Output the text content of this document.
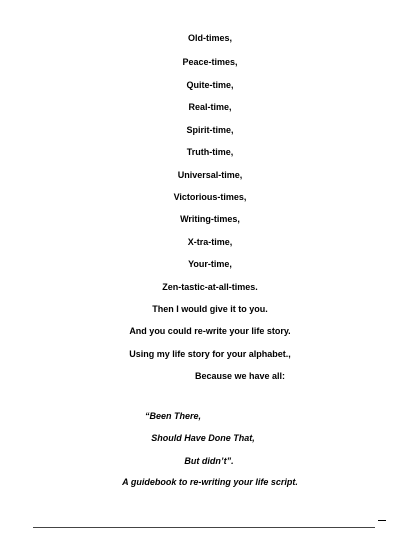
Old-times,
Peace-times,
Quite-time,
Real-time,
Spirit-time,
Truth-time,
Universal-time,
Victorious-times,
Writing-times,
X-tra-time,
Your-time,
Zen-tastic-at-all-times.
Then I would give it to you.
And you could re-write your life story.
Using my life story for your alphabet.,
Because we have all:
“Been There,
Should Have Done That,
But didn’t”.
A guidebook to re-writing your life script.
